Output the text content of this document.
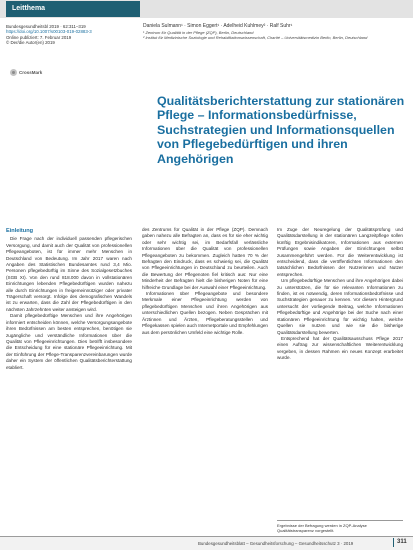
Leitthema
Bundesgesundheitsbl 2019 · 62:311–319
https://doi.org/10.1007/s00103-019-02883-3
Online publiziert: 7. Februar 2019
© Der/die Autor(en) 2019
CrossMark
Daniela Sulmann¹ · Simon Eggert¹ · Adelheid Kuhlmey² · Ralf Suhr¹
¹ Zentrum für Qualität in der Pflege (ZQP), Berlin, Deutschland
² Institut für Medizinische Soziologie und Rehabilitationswissenschaft, Charité – Universitätsmedizin Berlin, Berlin, Deutschland
Qualitätsberichterstattung zur stationären Pflege – Informationsbedürfnisse, Suchstrategien und Informationsquellen von Pflegebedürftigen und ihren Angehörigen
Einleitung

Die Frage nach der individuell passenden pflegerischen Versorgung, und damit auch der Qualität von professionellen Pflegeangeboten, ist für immer mehr Menschen in Deutschland von Bedeutung. Im Jahr 2017 waren nach Angaben des Statistischen Bundesamtes rund 3,4 Mio. Personen pflegebedürftig im Sinne des Sozialgesetzbuches (SGB XI). Von den rund 818.000 davon in vollstationären Einrichtungen lebenden Pflegebedürftigen wurden nahezu alle durch Einrichtungen in freigemeinnütziger oder privater Trägerschaft versorgt. Infolge des demografischen Wandels ist zu erwarten, dass die Zahl der Pflegebedürftigen in den nächsten Jahrzehnten weiter ansteigen wird.

Damit pflegebedürftige Menschen und ihre Angehörigen informiert entscheiden können, welche Versorgungsangebote ihren Bedürfnissen am besten entsprechen, benötigen sie zugängliche und verständliche Informationen über die Qualität von Pflegeeinrichtungen. Dies betrifft insbesondere die Entscheidung für eine stationäre Pflegeeinrichtung. Mit der Einführung der Pflege-Transparenzvereinbarungen wurde daher ein System der öffentlichen Qualitätsberichterstattung etabliert.

des Zentrums für Qualität in der Pflege (ZQP). Demnach gaben nahezu alle Befragten an, dass es für sie eher wichtig oder sehr wichtig sei, im Bedarfsfall verlässliche Informationen über die Qualität von professionellen Pflegeangeboten zu bekommen. Zugleich hatten 70 % der Befragten den Eindruck, dass es schwierig sei, die Qualität von Pflegeeinrichtungen in Deutschland zu beurteilen. Auch die Bewertung der Pflegenoten fiel kritisch aus: Nur eine Minderheit der Befragten hielt die bisherigen Noten für eine hilfreiche Grundlage bei der Auswahl einer Pflegeeinrichtung.

Informationen über Pflegeangebote und besondere Merkmale einer Pflegeeinrichtung werden von pflegebedürftigen Menschen und ihren Angehörigen aus unterschiedlichen Quellen bezogen. Neben Gesprächen mit Ärztinnen und Ärzten, Pflegeberatungsstellen und Pflegekassen spielen auch Internetportale und Empfehlungen aus dem persönlichen Umfeld eine wichtige Rolle.

Im Zuge der Neuregelung der Qualitätsprüfung und Qualitätsdarstellung in der stationären Langzeitpflege sollen künftig Ergebnisindikatoren, Informationen aus externen Prüfungen sowie Angaben der Einrichtungen selbst zusammengeführt werden. Für die Weiterentwicklung ist entscheidend, dass die veröffentlichten Informationen den tatsächlichen Bedürfnissen der Nutzerinnen und Nutzer entsprechen.

Um pflegebedürftige Menschen und ihre Angehörigen dabei zu unterstützen, die für sie relevanten Informationen zu finden, ist es notwendig, deren Informationsbedürfnisse und Suchstrategien genauer zu kennen. Vor diesem Hintergrund untersucht der vorliegende Beitrag, welche Informationen Pflegebedürftige und Angehörige bei der Suche nach einer stationären Pflegeeinrichtung für wichtig halten, welche Quellen sie nutzen und wie sie die bisherige Qualitätsdarstellung bewerten.

Entsprechend hat der Qualitätsausschuss Pflege 2017 einen Auftrag zur wissenschaftlichen Weiterentwicklung vergeben, in dessen Rahmen ein neues Konzept erarbeitet wurde.

Ergebnisse der Befragung werden in ZQP-Analyse Qualitätstransparenz vorgestellt.
Bundesgesundheitsblatt – Gesundheitsforschung – Gesundheitsschutz 3 · 2019	311
